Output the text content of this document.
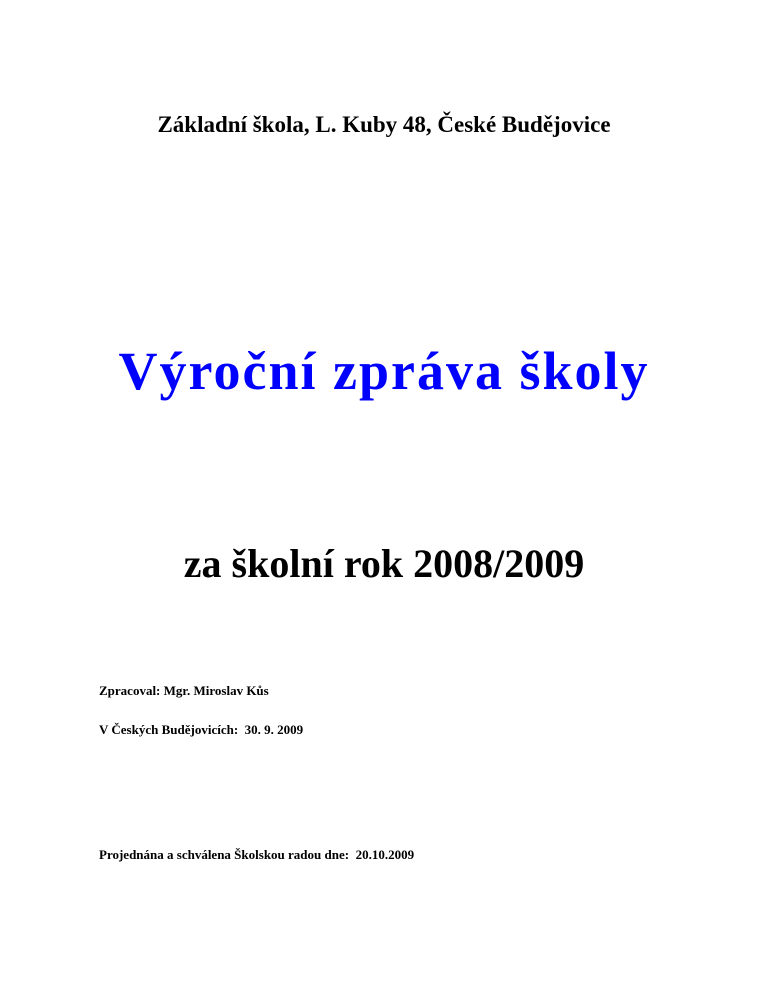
Základní škola, L. Kuby 48, České Budějovice
Výroční zpráva školy
za školní rok 2008/2009
Zpracoval: Mgr. Miroslav Kůs
V Českých Budějovicích:  30. 9. 2009
Projednána a schválena Školskou radou dne:  20.10.2009
